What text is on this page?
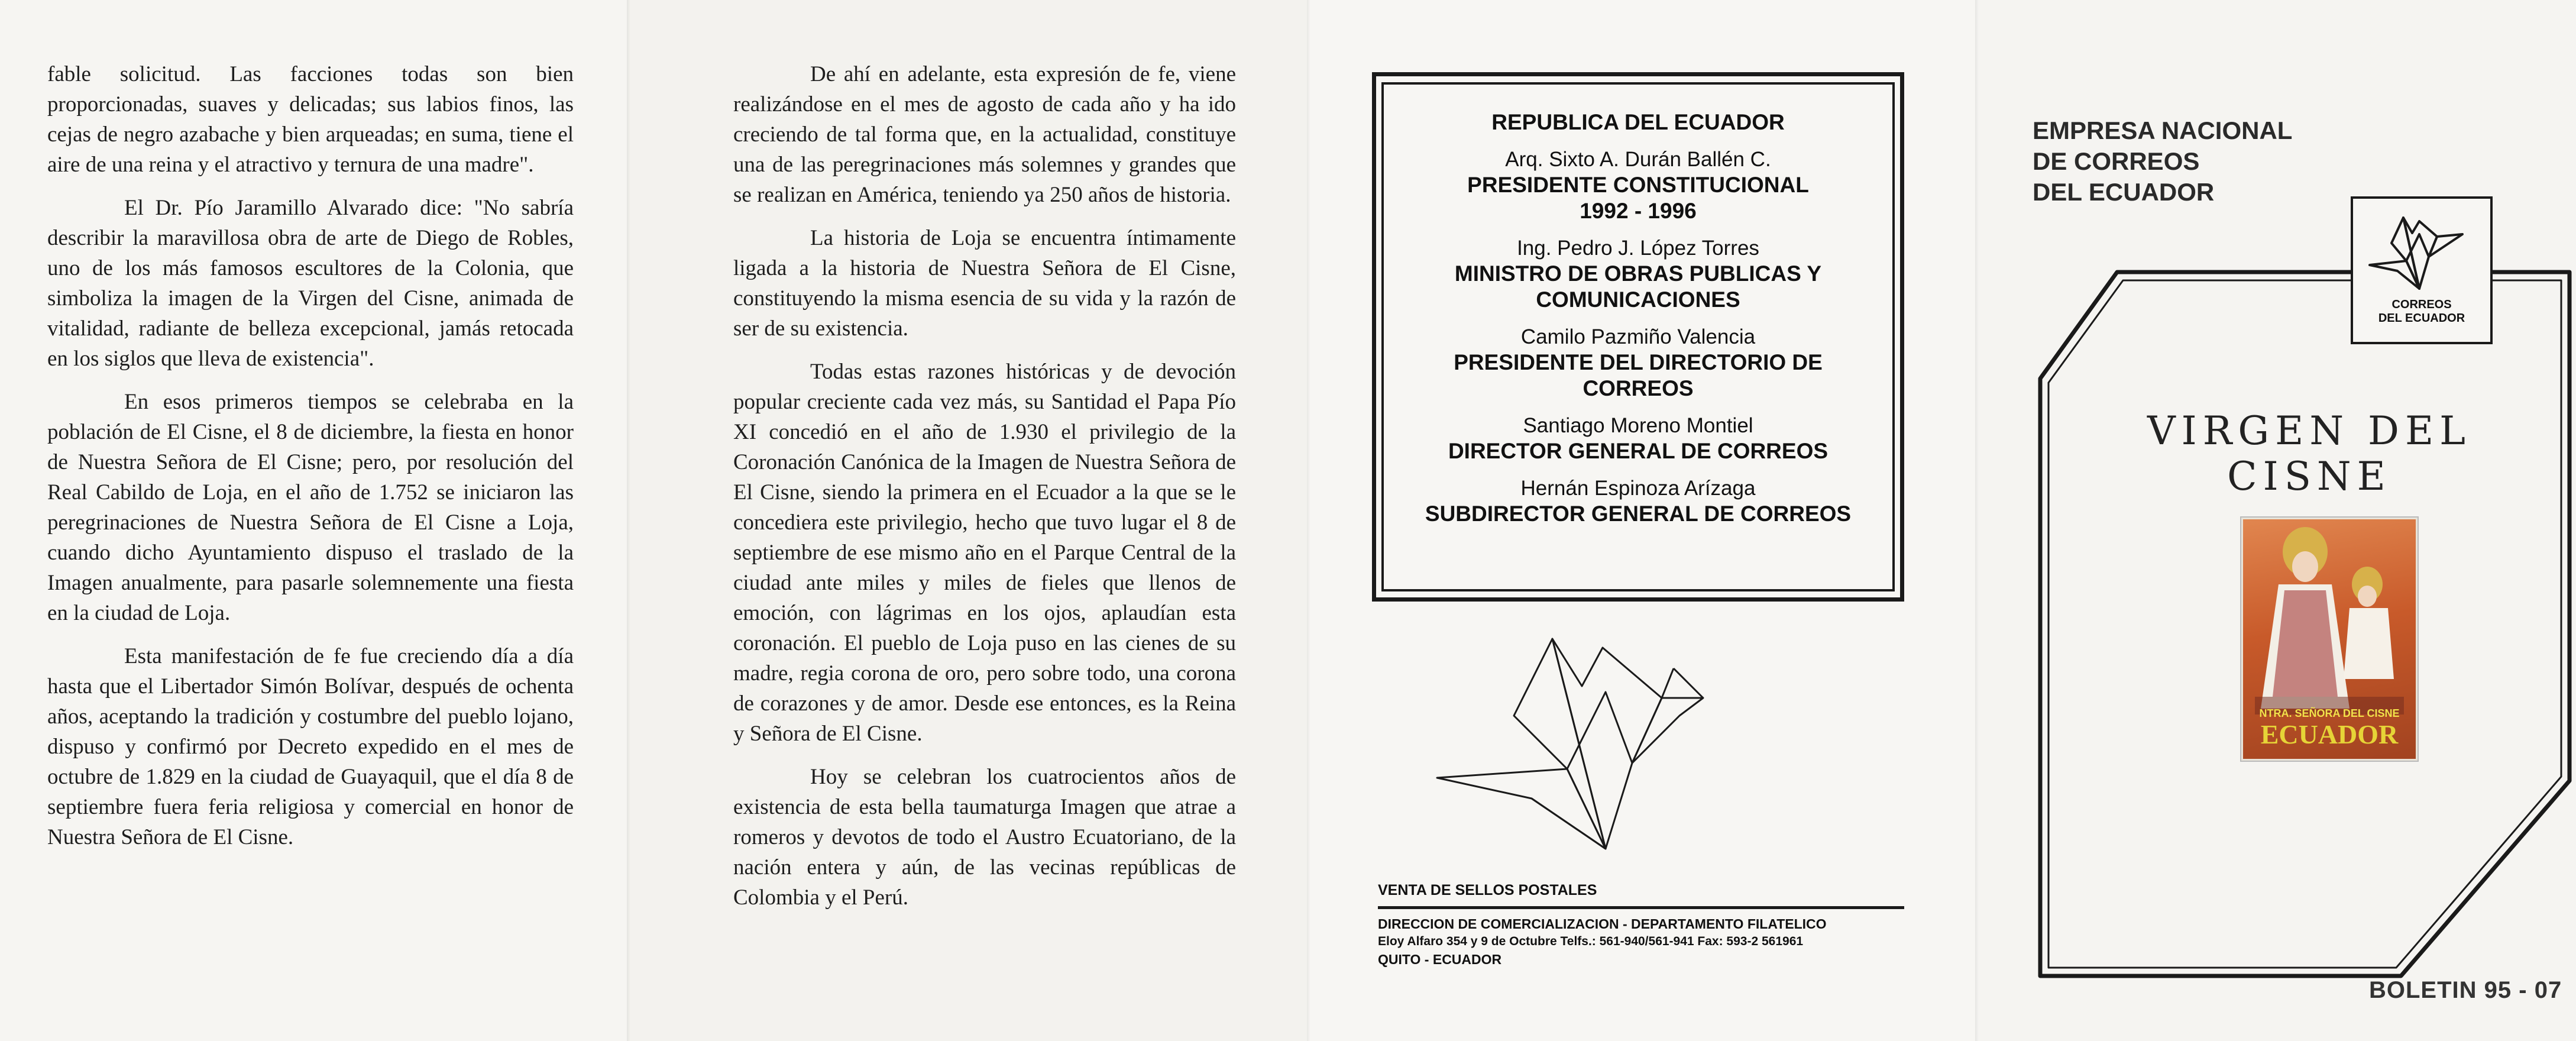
fable solicitud. Las facciones todas son bien proporcionadas, suaves y delicadas; sus labios finos, las cejas de negro azabache y bien arqueadas; en suma, tiene el aire de una reina y el atractivo y ternura de una madre".

El Dr. Pío Jaramillo Alvarado dice: "No sabría describir la maravillosa obra de arte de Diego de Robles, uno de los más famosos escultores de la Colonia, que simboliza la imagen de la Virgen del Cisne, animada de vitalidad, radiante de belleza excepcional, jamás retocada en los siglos que lleva de existencia".

En esos primeros tiempos se celebraba en la población de El Cisne, el 8 de diciembre, la fiesta en honor de Nuestra Señora de El Cisne; pero, por resolución del Real Cabildo de Loja, en el año de 1.752 se iniciaron las peregrinaciones de Nuestra Señora de El Cisne a Loja, cuando dicho Ayuntamiento dispuso el traslado de la Imagen anualmente, para pasarle solemnemente una fiesta en la ciudad de Loja.

Esta manifestación de fe fue creciendo día a día hasta que el Libertador Simón Bolívar, después de ochenta años, aceptando la tradición y costumbre del pueblo lojano, dispuso y confirmó por Decreto expedido en el mes de octubre de 1.829 en la ciudad de Guayaquil, que el día 8 de septiembre fuera feria religiosa y comercial en honor de Nuestra Señora de El Cisne.

De ahí en adelante, esta expresión de fe, viene realizándose en el mes de agosto de cada año y ha ido creciendo de tal forma que, en la actualidad, constituye una de las peregrinaciones más solemnes y grandes que se realizan en América, teniendo ya 250 años de historia.

La historia de Loja se encuentra íntimamente ligada a la historia de Nuestra Señora de El Cisne, constituyendo la misma esencia de su vida y la razón de ser de su existencia.

Todas estas razones históricas y de devoción popular creciente cada vez más, su Santidad el Papa Pío XI concedió en el año de 1.930 el privilegio de la Coronación Canónica de la Imagen de Nuestra Señora de El Cisne, siendo la primera en el Ecuador a la que se le concediera este privilegio, hecho que tuvo lugar el 8 de septiembre de ese mismo año en el Parque Central de la ciudad ante miles y miles de fieles que llenos de emoción, con lágrimas en los ojos, aplaudían esta coronación. El pueblo de Loja puso en las cienes de su madre, regia corona de oro, pero sobre todo, una corona de corazones y de amor. Desde ese entonces, es la Reina y Señora de El Cisne.

Hoy se celebran los cuatrocientos años de existencia de esta bella taumaturga Imagen que atrae a romeros y devotos de todo el Austro Ecuatoriano, de la nación entera y aún, de las vecinas repúblicas de Colombia y el Perú.

REPUBLICA DEL ECUADOR

Arq. Sixto A. Durán Ballén C.

PRESIDENTE CONSTITUCIONAL

1992 - 1996

Ing. Pedro J. López Torres

MINISTRO DE OBRAS PUBLICAS Y COMUNICACIONES

Camilo Pazmiño Valencia

PRESIDENTE DEL DIRECTORIO DE CORREOS

Santiago Moreno Montiel

DIRECTOR GENERAL DE CORREOS

Hernán Espinoza Arízaga

SUBDIRECTOR GENERAL DE CORREOS

VENTA DE SELLOS POSTALES
DIRECCION DE COMERCIALIZACION - DEPARTAMENTO FILATELICO
Eloy Alfaro 354 y 9 de Octubre Telfs.: 561-940/561-941 Fax: 593-2 561961
QUITO - ECUADOR
EMPRESA NACIONAL
DE CORREOS
DEL ECUADOR
CORREOS
DEL ECUADOR
VIRGEN DEL CISNE
NTRA. SEÑORA DEL CISNE
ECUADOR
BOLETIN 95 - 07
